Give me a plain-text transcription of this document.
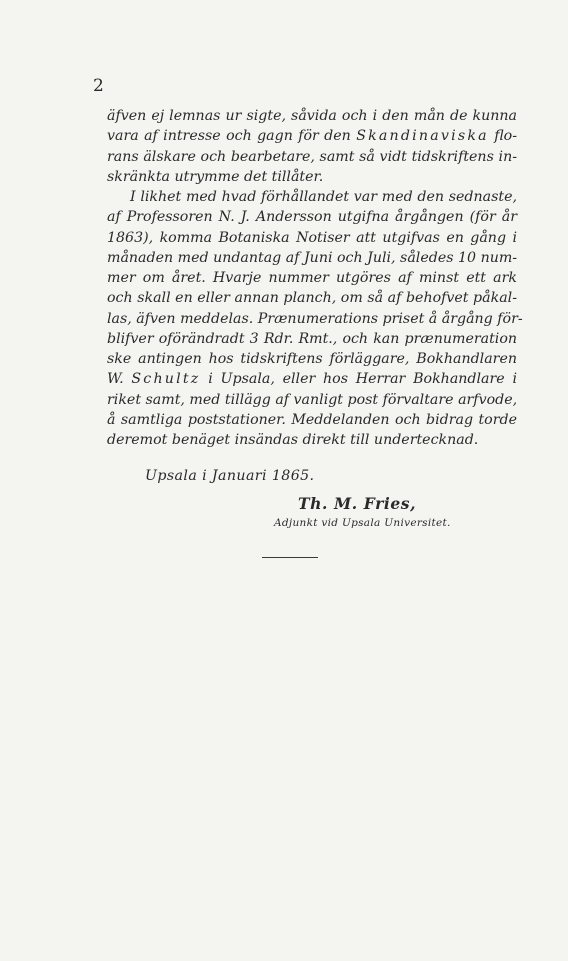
2
äfven ej lemnas ur sigte, såvida och i den mån de kunna
vara af intresse och gagn för den Skandinaviska flo-
rans älskare och bearbetare, samt så vidt tidskriftens in-
skränkta utrymme det tillåter.
I likhet med hvad förhållandet var med den sednaste,
af Professoren N. J. Andersson utgifna årgången (för år
1863), komma Botaniska Notiser att utgifvas en gång i
månaden med undantag af Juni och Juli, således 10 num-
mer om året. Hvarje nummer utgöres af minst ett ark
och skall en eller annan planch, om så af behofvet påkal-
las, äfven meddelas. Prænumerations priset å årgång för-
blifver oförändradt 3 Rdr. Rmt., och kan prænumeration
ske antingen hos tidskriftens förläggare, Bokhandlaren
W. Schultz i Upsala, eller hos Herrar Bokhandlare i
riket samt, med tillägg af vanligt post förvaltare arfvode,
å samtliga poststationer. Meddelanden och bidrag torde
deremot benäget insändas direkt till undertecknad.
Upsala i Januari 1865.
Th. M. Fries,
Adjunkt vid Upsala Universitet.
